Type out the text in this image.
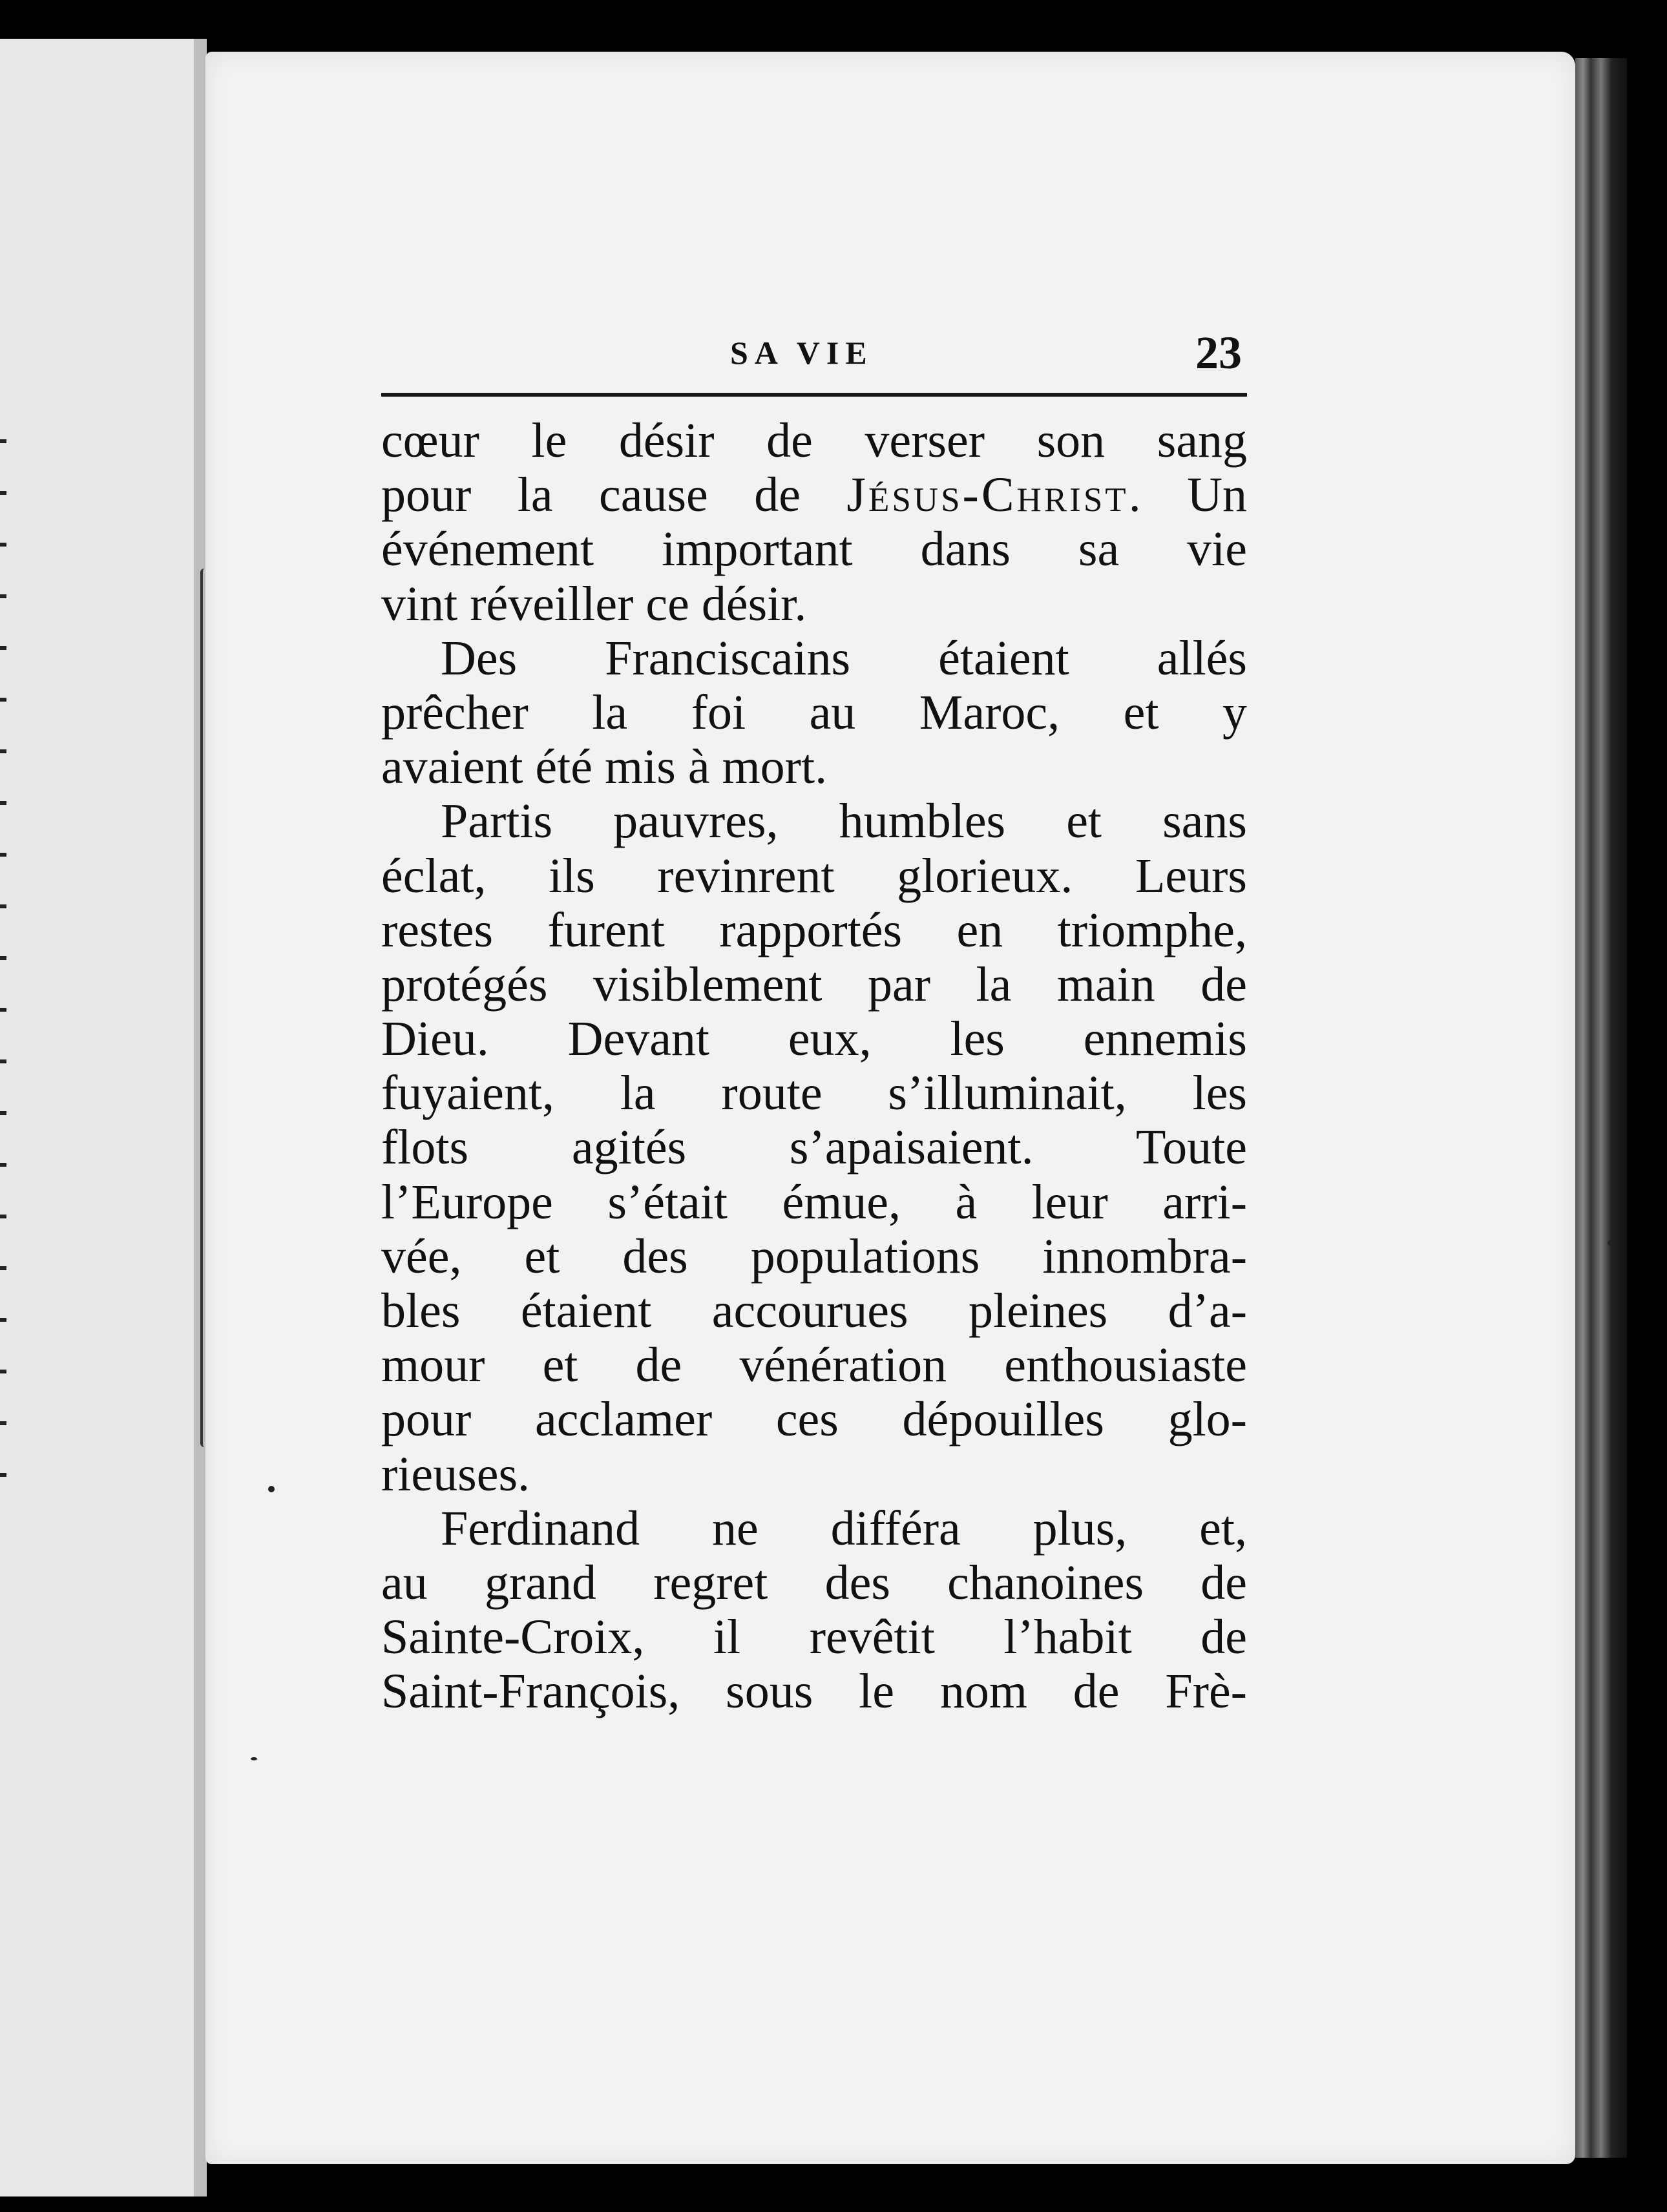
SA VIE	23
cœur le désir de verser son sang
pour la cause de Jésus-Christ. Un
événement important dans sa vie
vint réveiller ce désir.
Des Franciscains étaient allés
prêcher la foi au Maroc, et y
avaient été mis à mort.
Partis pauvres, humbles et sans
éclat, ils revinrent glorieux. Leurs
restes furent rapportés en triomphe,
protégés visiblement par la main de
Dieu. Devant eux, les ennemis
fuyaient, la route s’illuminait, les
flots agités s’apaisaient. Toute
l’Europe s’était émue, à leur arri-
vée, et des populations innombra-
bles étaient accourues pleines d’a-
mour et de vénération enthousiaste
pour acclamer ces dépouilles glo-
rieuses.
Ferdinand ne différa plus, et,
au grand regret des chanoines de
Sainte-Croix, il revêtit l’habit de
Saint-François, sous le nom de Frè-
